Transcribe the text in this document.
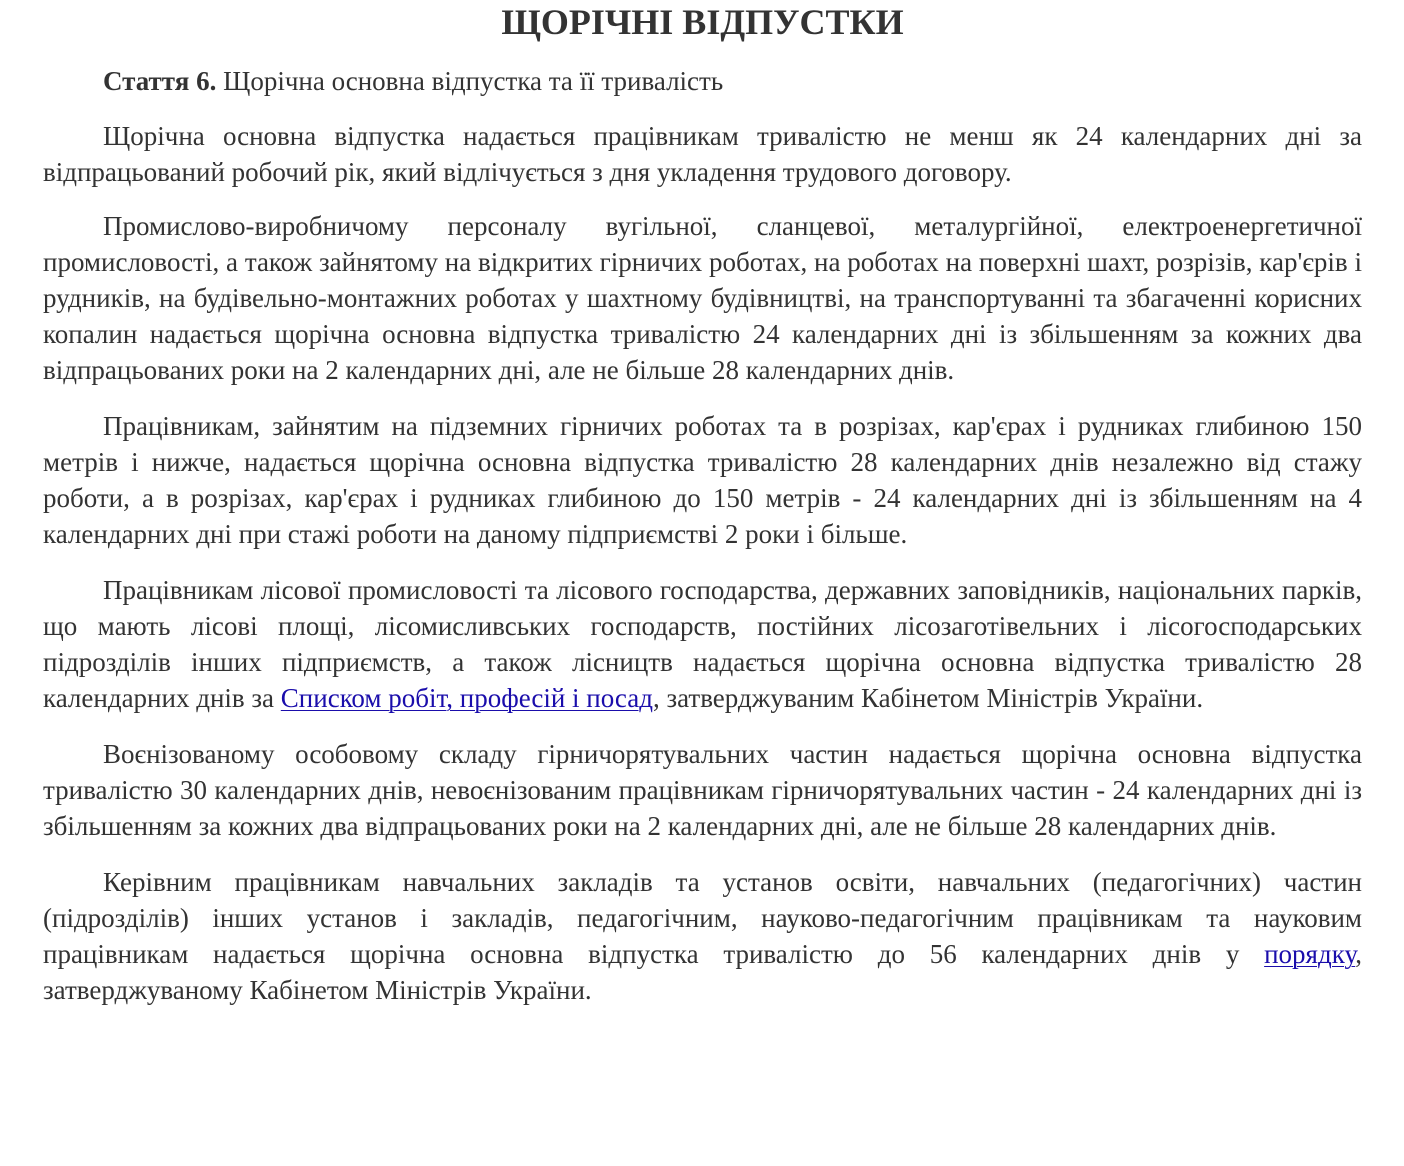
ЩОРІЧНІ ВІДПУСТКИ

Стаття 6. Щорічна основна відпустка та її тривалість

Щорічна основна відпустка надається працівникам тривалістю не менш як 24 календарних дні за відпрацьований робочий рік, який відлічується з дня укладення трудового договору.

Промислово-виробничому персоналу вугільної, сланцевої, металургійної, електроенергетичної промисловості, а також зайнятому на відкритих гірничих роботах, на роботах на поверхні шахт, розрізів, кар'єрів і рудників, на будівельно-монтажних роботах у шахтному будівництві, на транспортуванні та збагаченні корисних копалин надається щорічна основна відпустка тривалістю 24 календарних дні із збільшенням за кожних два відпрацьованих роки на 2 календарних дні, але не більше 28 календарних днів.

Працівникам, зайнятим на підземних гірничих роботах та в розрізах, кар'єрах і рудниках глибиною 150 метрів і нижче, надається щорічна основна відпустка тривалістю 28 календарних днів незалежно від стажу роботи, а в розрізах, кар'єрах і рудниках глибиною до 150 метрів - 24 календарних дні із збільшенням на 4 календарних дні при стажі роботи на даному підприємстві 2 роки і більше.

Працівникам лісової промисловості та лісового господарства, державних заповідників, національних парків, що мають лісові площі, лісомисливських господарств, постійних лісозаготівельних і лісогосподарських підрозділів інших підприємств, а також лісництв надається щорічна основна відпустка тривалістю 28 календарних днів за Списком робіт, професій і посад, затверджуваним Кабінетом Міністрів України.

Воєнізованому особовому складу гірничорятувальних частин надається щорічна основна відпустка тривалістю 30 календарних днів, невоєнізованим працівникам гірничорятувальних частин - 24 календарних дні із збільшенням за кожних два відпрацьованих роки на 2 календарних дні, але не більше 28 календарних днів.

Керівним працівникам навчальних закладів та установ освіти, навчальних (педагогічних) частин (підрозділів) інших установ і закладів, педагогічним, науково-педагогічним працівникам та науковим працівникам надається щорічна основна відпустка тривалістю до 56 календарних днів у порядку, затверджуваному Кабінетом Міністрів України.
